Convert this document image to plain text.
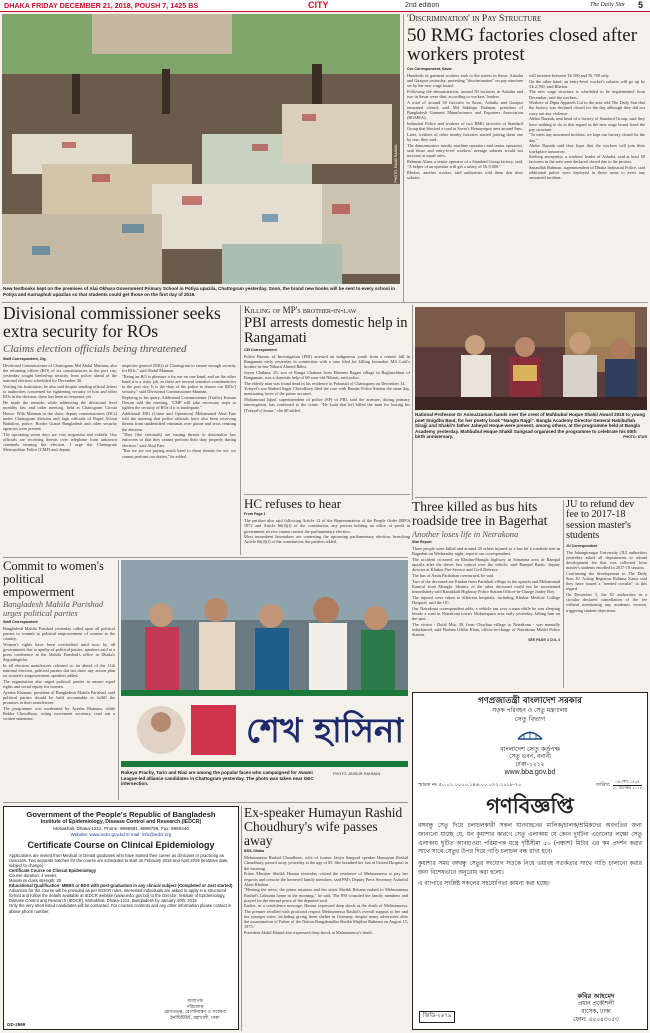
DHAKA FRIDAY DECEMBER 21, 2018, POUSH 7, 1425 BS	CITY	2nd edition	The Daily Star 5
PHOTO: RAJIB RAIHAN
New textbooks kept on the premises of Alai Okhara Government Primary School in Potiya upazila, Chattogram yesterday. Soon, the brand new books will be sent to every school in Potiya and Karnaphuli upazilas so that students could get those on the first day of 2019.
'Discrimination' in Pay Structure
50 RMG factories closed after workers protest
Our Correspondent, Savar

Hundreds of garment workers took to the streets in Savar, Ashulia and Gazipur yesterday, protesting "discrimination" on pay structure set by the new wage board.

Following the demonstration, around 50 factories in Ashulia and two in Savar were shut, according to workers' leaders.

A total of around 50 factories in Savar, Ashulia and Gazipur remained closed, said Md Siddiqur Rahman, president of Bangladesh Garment Manufacturers and Exporters Association (BGMEA).

Industrial Police and workers of two RMG factories of Standard Group that blocked a road in Savar's Hemayetpur area around 9am.

Later, workers of other nearby factories started joining them one by one, they said.

The demonstrators mostly machine operators and senior operators, said those and entry-level workers' average salaries would not increase at equal rates.

Rehman Alam, a senior operator of a Standard Group factory, said, "A helper of an operator will get a salary of Tk 8,000."

Rhelon, another worker, said authorities told them that their salaries

will increase between Tk 500 and Tk 700 only.

On the other hand, an entry-level worker's salaries will go up by Tk 2,700, said Rhelon.

The new wage structure is scheduled to be implemented from December, said the workers.

Workers of Dipta Apparels Ltd in the area told The Daily Star that the factory was declared closed for the day although they did not carry out any violence.

Abdur Razzak, unit head of a factory of Standard Group, said they have nothing to do in this regard as the new wage board fixed the pay structure.

"To meet any unwanted incident, we kept our factory closed for the day."

Abdur Razzak said they hope that the workers will join their workplace tomorrow.

Seeking anonymity, a workers' leader of Ashulia, said at least 50 factories in the area were declared closed due to the protest.

Sanaullah Rahman, superintendent of Dhaka Industrial Police, said additional police were deployed in those areas to avert any unwanted incident.

Divisional commissioner seeks extra security for ROs
Claims election officials being threatened
Staff Correspondent, Ctg

Divisional Commissioner of Chattogram Md Abdul Mannan, also the returning officer (RO) of six constituencies in the port city, yesterday sought beefed-up security from police ahead of the national election, scheduled for December 30.

Voicing his frustration, he also said despite sending official letters to authorities concerned for tightening security of him and other ROs in the division, there has been no response yet.

He made the remarks while addressing the divisional level monthly law and order meeting, held at Chattogram Circuit House. With Mannan in the chair, deputy commissioners (DCs) under Chattogram division and high officials of Rapid Action Battalion, police, Border Guard Bangladesh and other security agencies were present.

The upcoming seven days are very important and volatile. Our officials are receiving threats over telephone from unknown criminals terming the election. I urge the Chattogram Metropolitan Police (CMP) and deputy

inspector general (DIG) of Chattogram to ensure enough security for ROs," said Abdul Mannan.

"Being an RO is pleasure a for me on one hand, and on the other hand it is a risky job, as there are several sensitive constituencies in the port city. It is the duty of the police to ensure our [ROs'] security," said Divisional Commissioner Mannan.

Replying to his query, Additional Commissioner (Traffic) Kusum Dewan told the meeting, "CMP will take necessary steps to tighten the security of ROs if it is inadequate."

Additional DIG (Crime and Operation) Mohammed Abul Faiz told the meeting that police officials have also been receiving threats from unidentified criminals over phone and texts centring the election.

"They [the criminals] are issuing threats to demoralise law enforcers so that they cannot perform their duty properly during election," said Abul Faiz.

"But we are not paying much heed to those threats for we, we cannot perform our duties," he added.

Killing of MP's brother-in-law
PBI arrests domestic help in Rangamati
CEI Correspondent

Police Bureau of Investigation (PBI) arrested an indigenous youth from a remote hill in Rangamati early yesterday in connection with a case filed for killing lawmaker MA Latif's brother-in-law Nibarit Ahmed Babu.

Joyen Chakma, 25, son of Ranga Chakma from Ebeneni Bagan village in Baghaichhari of Rangamati, was a domestic help of 60-year-old Nibarit, said police.

The elderly man was found dead in his residence in Pahartali of Chattogram on December 14.

Tofayel's son Shahed Sagar Chowdhury filed the case with Bandar Police Station the same day, mentioning loves of the prime accused.

Mohammad Iqbal, superintendent of police (SP) of PBI, said the arrestee, during primary interrogation, has confessed to the crime. "He [said that he] killed the man for looting his [Tofayel's] house," the SP added.

HC refuses to hear
From Page 1

The petition also said following Article 12 of the Representation of the People Order (RPO) 1972 and Article 66(2)(f) of the constitution, any person holding an office of profit in government service cannot contest the parliamentary election.

Most incumbent lawmakers are contesting the upcoming parliamentary election, breaching Article 66(2)(f) of the constitution, the petition added.

National Professor Dr Anisuzzaman hands over the crest of Mahbubul Hoque Shakil Award 2018 to young poet Snigdha Baul, for her poetry book "Nangta Rajgi". Bangla Academy Director General Habibullah Sirajji and Shakil's father Jaheyul Hoque were present, among others, at the programme held at Bangla Academy yesterday. Mahbubul Hoque Shakil Sangsad organised the programme to celebrate his 50th birth anniversary.	PHOTO: STAR
Three killed as bus hits roadside tree in Bagerhat
Another loses life in Netrakona
Star Report

Three people were killed and around 20 others injured as a bus hit a roadside tree in Bagerhat on Wednesday night, reports our correspondent.

The accident occurred on Khulna-Mongla highway in Sonatona area of Rampal upazila after the driver lost control over the vehicle, said Rampal Barlic, deputy director at Khulna Fire Service and Civil Defence.

The bus of Amin Paribahan overturned, he said.

Two of the deceased are Emdan from Paribhali village in the upazila and Mohammad Kamrul from Mongla. Identity of the other deceased could not be ascertained immediately said Kanakkali Highway Police Station Officer-in-Charge Jaidey Roy.

The injured were taken to different hospitals, including Khulna Medical College Hospital, said the OC.

Our Netrakona correspondent adds, a vehicle ran over a man while he was sleeping beside a road in Netrakona town's Mokteerpara area early yesterday, killing him on the spot.

The victim - Dulal Mia, 30, from Chuchua village in Netrakona - was mentally imbalanced, said Borhan Uddin Khan, officer-in-charge of Netrakona Model Police Station.

SEE PAGE 4 COL 3

JU to refund dev fee to 2017-18 session master's students
JU Correspondent

The Jahangirnagar University (JU) authorities yesterday asked all departments to refund development fee that was collected from master's students enrolled in 2017-18 session.

Confirming the development to The Daily Star, JU Acting Registrar Rahima Kanis said they have issued a "needed circular" in this regard.

On December 5, the JU authorities in a circular declared cancellation of the fee without mentioning any academic session, triggering student objections.

Commit to women's political empowerment
Bangladesh Mahila Parishad urges political parties
Staff Correspondent

Bangladesh Mahila Parishad yesterday called upon all political parties to commit to political empowerment of women in the country.

Women's rights have been overlooked until now by all governments due to apathy of political parties, speakers said at a press conference at the Mahila Parishad's office in Dhaka's Segunbagicha.

In all election manifestoes released so far ahead of the 11th national election, political parties did not draw any action plan on women's empowerment, speakers added.

The organisation also urged political parties to ensure equal rights and social equity for women.

Ayesha Khanam, president of Bangladesh Mahila Parishad, said political parties should be held accountable to fulfill the promises in their manifestoes.

The programme was moderated by Ayesha Khanam, while Rekha Chowdhury, acting movement secretary, read out a written statement.	শেখ হাসিনা
Rokeya Prachy, Tarin and Riaz are among the popular faces who campaigned for Awami League-led alliance candidates in Chattogram yesterday. The photo was taken near GEC intersection.
PHOTO: ANISUR RAHMAN
Government of the People's Republic of Bangladesh
Institute of Epidemiology, Disease Control and Research (IEDCR)
Mohakhali, Dhaka-1212, Phone: 9898691, 9898796, Fax: 9880440
Website: www.iedcr.gov.bd E-mail: info@iedcr.org
Certificate Course on Clinical Epidemiology

Applications are invited from Medical or Dental graduates who have started their career as clinicians or practicing as clinicians. Two separate batches for the course are scheduled to start on February 2019 and April 2019 (tentative date, subject to change)

Certificate Course on Clinical Epidemiology

Course duration: 4 weeks

Maximum class strength: 20

Educational Qualification: MBBS or BDS with post-graduation in any clinical subject (Completed or Just started)

Advances for the course will be provided as per IEDCR rules. Interested individuals are asked to apply in a structured format and follow the details available at IEDCR website (www.iedcr.gov.bd) to the Director, Institute of Epidemiology, Disease Control and Research (IEDCR), Mohakhali, Dhaka-1212, Bangladesh by January 10th, 2019

Only the very short listed candidates will be contacted. For courses contents and any other information please contact in above phone number.

অধ্যাপক
পরিচালক
রোগতত্ত্ব, রোগনিয়ন্ত্রণ ও গবেষণা
ইনস্টিটিউট, মহাখালী, ঢাকা
GD-2669
Ex-speaker Humayun Rashid Choudhury's wife passes away
BSS, Dhaka

Mehrunnessa Rashid Choudhury, wife of former Jatiya Sangsad speaker Humayun Rashid Choudhury, passed away yesterday at the age of 85. She breathed her last at United Hospital in the morning.

Prime Minister Sheikh Hasina yesterday visited the residence of Mehrunnessa to pay her respects and console the bereaved family members, said PM's Deputy Press Secretary Ashraful Alam Khokan.

"Hearing the news, the prime minister and her sister Sheikh Rehana rushed to Mehrunnessa Rashid's Lalmatia home in the morning," he said. The PM consoled the family members and prayed for the eternal peace of the departed soul.

Earlier, in a condolence message, Hasina expressed deep shock at the death of Mehrunnessa. The premier recalled with profound respect Mehrunnessa Rashid's overall support to her and her younger sister, including giving them shelter in Germany, despite many adversities after the assassination of Father of the Nation Bangabandhu Sheikh Mujibur Rahman on August 15, 1975.

President Abdul Hamid also expressed deep shock at Mehrunnessa's death.

গণপ্রজাতন্ত্রী বাংলাদেশ সরকার
সড়ক পরিবহন ও সেতু মন্ত্রণালয়
সেতু বিভাগ
বাংলাদেশ সেতু কর্তৃপক্ষ
সেতু ভবন, বনানী
ঢাকা-১২১২
www.bba.gov.bd
স্মারক নং ৫০.০১.০০০০.১৪৬.০০.০৭২.২০১৮-৭০	তারিখ:
০৬ পৌষ ১৪২৫
২০ ডিসেম্বর ২০১৮
গণবিজ্ঞপ্তি

বঙ্গবন্ধু সেতু দিয়ে চলাচলকারী সকল যানবাহনের মালিক/চালক/শ্রমিকদের অবগতির জন্য জানানো যাচ্ছে যে, ঘন কুয়াশার কারণে সেতু এলাকায় যে কোন দুর্ঘটনা এড়ানোর লক্ষ্যে সেতু এলাকায় ছুটিত আবহাওয়া পরিমাপক যন্ত্রে দৃষ্টিসীমা ৫০ (পঞ্চাশ) মিটার এর কম প্রদর্শন করার সাথে সাথে সেতুর উপর দিয়ে গাড়ি চলাচল বন্ধ রাখা হবে।

কুয়াশার সময় বঙ্গবন্ধু সেতুর সংযোগ সড়কে নিয়ে ভয়াবহ সতর্কতার সাথে গাড়ি চালানো করার জন্য বিশেষভাবে অনুরোধ করা হলো।

এ ব্যাপারে সংশ্লিষ্ট সকলের সহযোগিতা কামনা করা হচ্ছে।

কবির আহমেদ
প্রধান প্রকৌশলী
বাসেক, ঢাকা
ফোন: ৫৫০৪৩০৫৩
জিডি-২৬৭৯
